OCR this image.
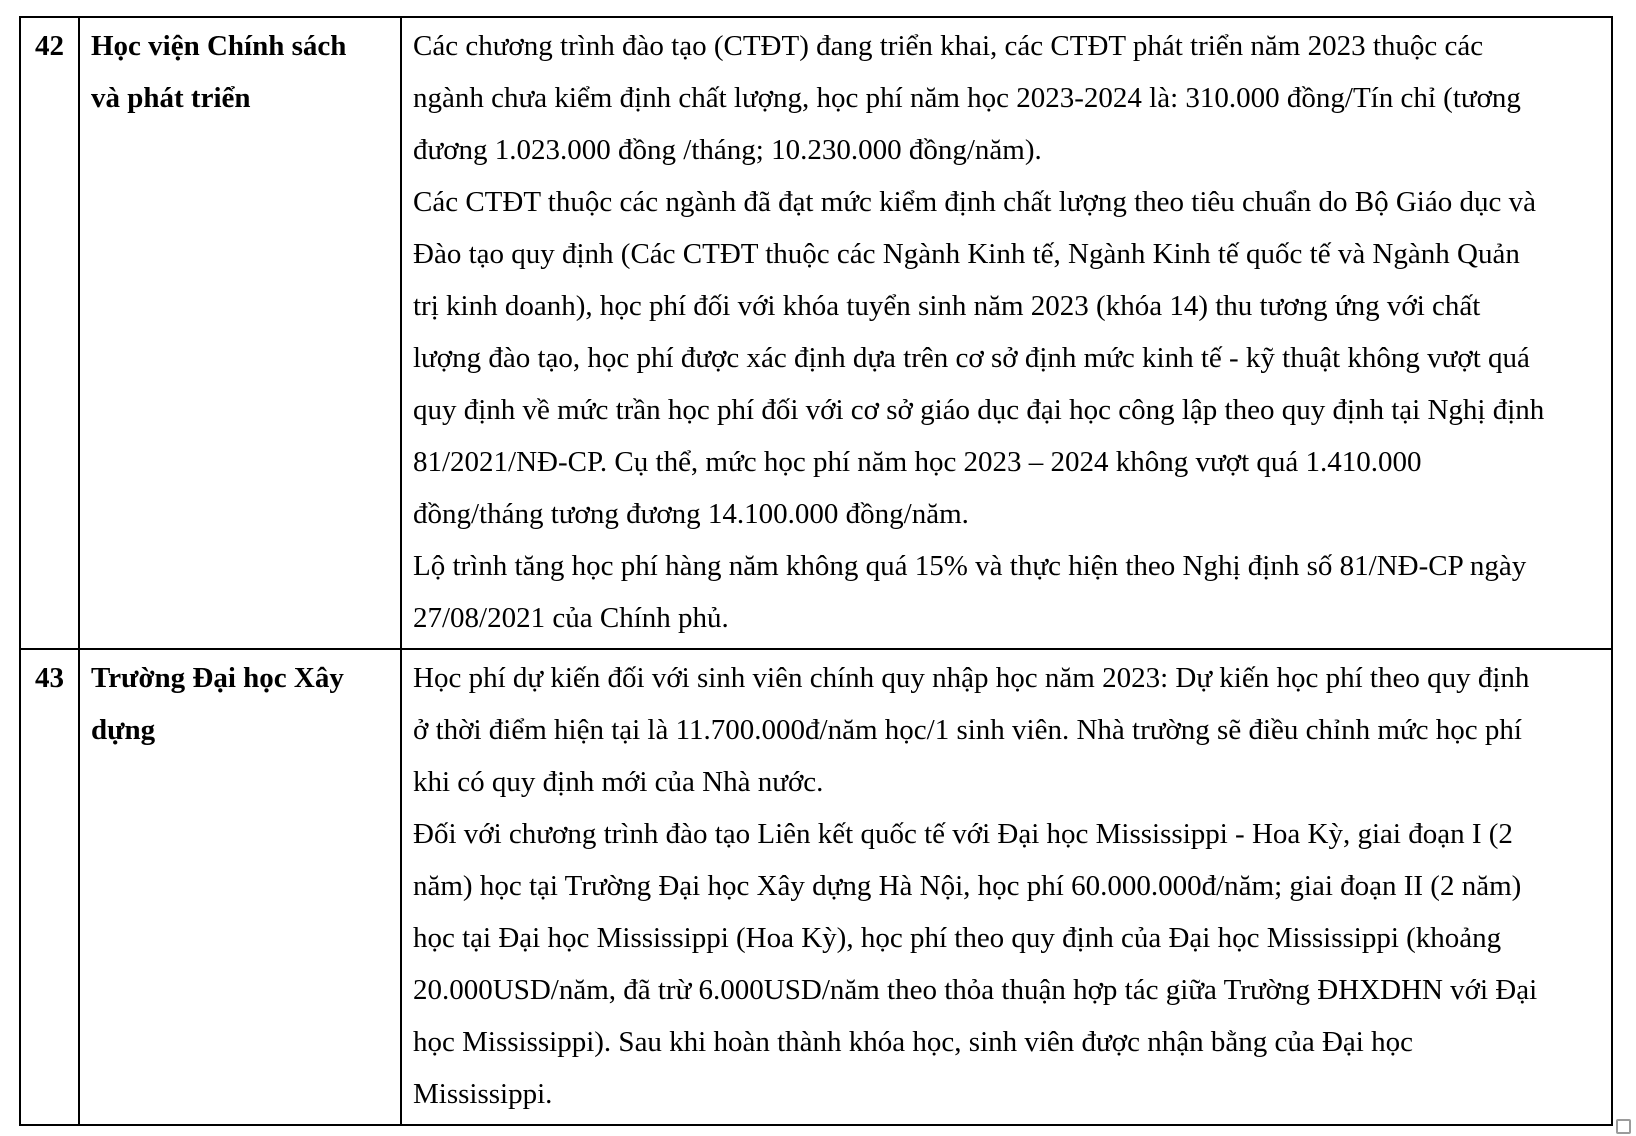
42	Học viện Chính sách
và phát triển

Các chương trình đào tạo (CTĐT) đang triển khai, các CTĐT phát triển năm 2023 thuộc các
ngành chưa kiểm định chất lượng, học phí năm học 2023-2024 là: 310.000 đồng/Tín chỉ (tương
đương 1.023.000 đồng /tháng; 10.230.000 đồng/năm).
Các CTĐT thuộc các ngành đã đạt mức kiểm định chất lượng theo tiêu chuẩn do Bộ Giáo dục và
Đào tạo quy định (Các CTĐT thuộc các Ngành Kinh tế, Ngành Kinh tế quốc tế và Ngành Quản
trị kinh doanh), học phí đối với khóa tuyển sinh năm 2023 (khóa 14) thu tương ứng với chất
lượng đào tạo, học phí được xác định dựa trên cơ sở định mức kinh tế - kỹ thuật không vượt quá
quy định về mức trần học phí đối với cơ sở giáo dục đại học công lập theo quy định tại Nghị định
81/2021/NĐ-CP. Cụ thể, mức học phí năm học 2023 – 2024 không vượt quá 1.410.000
đồng/tháng tương đương 14.100.000 đồng/năm.
Lộ trình tăng học phí hàng năm không quá 15% và thực hiện theo Nghị định số 81/NĐ-CP ngày
27/08/2021 của Chính phủ.

43	Trường Đại học Xây
dựng

Học phí dự kiến đối với sinh viên chính quy nhập học năm 2023: Dự kiến học phí theo quy định
ở thời điểm hiện tại là 11.700.000đ/năm học/1 sinh viên. Nhà trường sẽ điều chỉnh mức học phí
khi có quy định mới của Nhà nước.
Đối với chương trình đào tạo Liên kết quốc tế với Đại học Mississippi - Hoa Kỳ, giai đoạn I (2
năm) học tại Trường Đại học Xây dựng Hà Nội, học phí 60.000.000đ/năm; giai đoạn II (2 năm)
học tại Đại học Mississippi (Hoa Kỳ), học phí theo quy định của Đại học Mississippi (khoảng
20.000USD/năm, đã trừ 6.000USD/năm theo thỏa thuận hợp tác giữa Trường ĐHXDHN với Đại
học Mississippi). Sau khi hoàn thành khóa học, sinh viên được nhận bằng của Đại học
Mississippi.
